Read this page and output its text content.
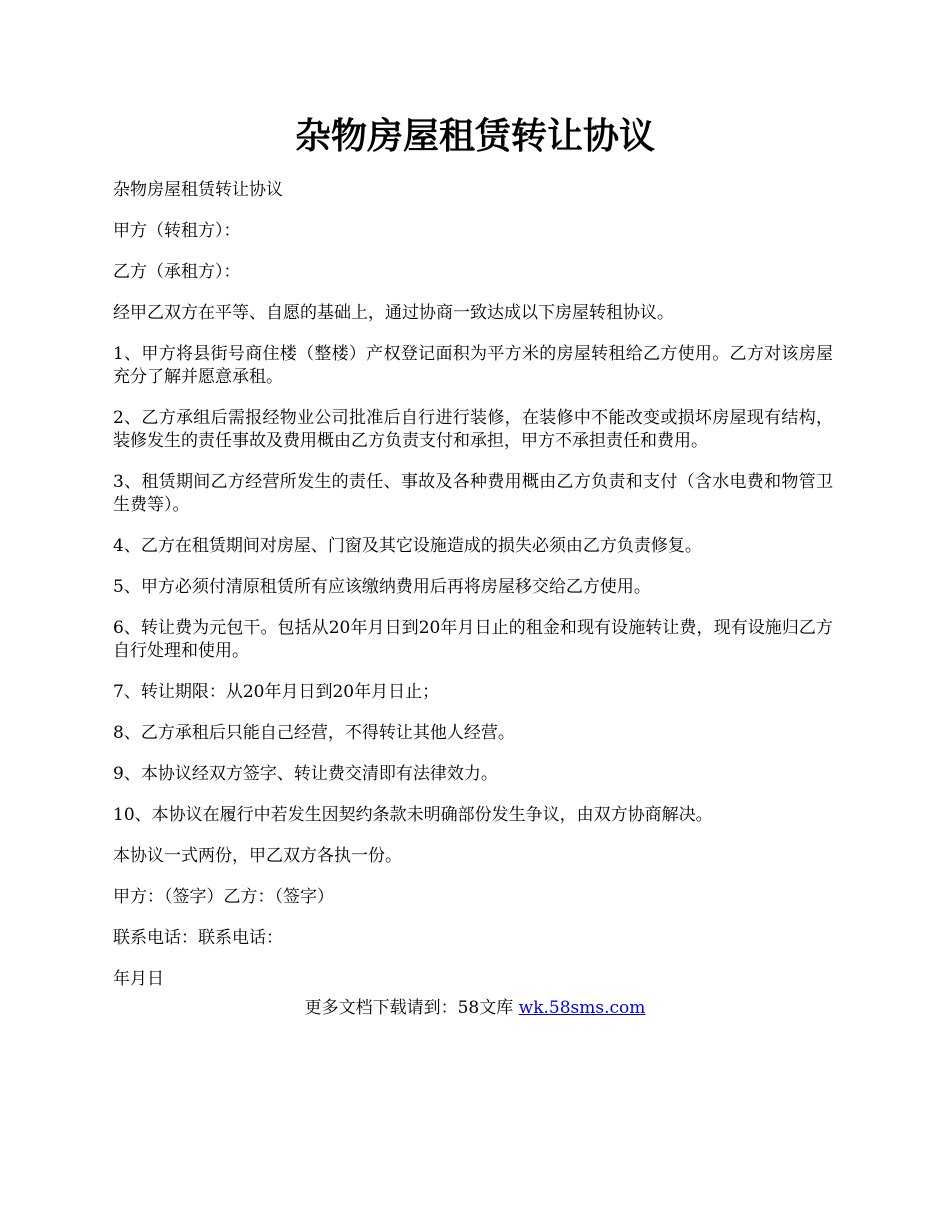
杂物房屋租赁转让协议

杂物房屋租赁转让协议

甲方（转租方）：

乙方（承租方）：

经甲乙双方在平等、自愿的基础上，通过协商一致达成以下房屋转租协议。

1、甲方将县街号商住楼（整楼）产权登记面积为平方米的房屋转租给乙方使用。乙方对该房屋充分了解并愿意承租。

2、乙方承组后需报经物业公司批准后自行进行装修，在装修中不能改变或损坏房屋现有结构，装修发生的责任事故及费用概由乙方负责支付和承担，甲方不承担责任和费用。

3、租赁期间乙方经营所发生的责任、事故及各种费用概由乙方负责和支付（含水电费和物管卫生费等）。

4、乙方在租赁期间对房屋、门窗及其它设施造成的损失必须由乙方负责修复。

5、甲方必须付清原租赁所有应该缴纳费用后再将房屋移交给乙方使用。

6、转让费为元包干。包括从20年月日到20年月日止的租金和现有设施转让费，现有设施归乙方自行处理和使用。

7、转让期限：从20年月日到20年月日止；

8、乙方承租后只能自己经营，不得转让其他人经营。

9、本协议经双方签字、转让费交清即有法律效力。

10、本协议在履行中若发生因契约条款未明确部份发生争议，由双方协商解决。

本协议一式两份，甲乙双方各执一份。

甲方：（签字）乙方：（签字）

联系电话：联系电话：

年月日

更多文档下载请到：58文库 wk.58sms.com
